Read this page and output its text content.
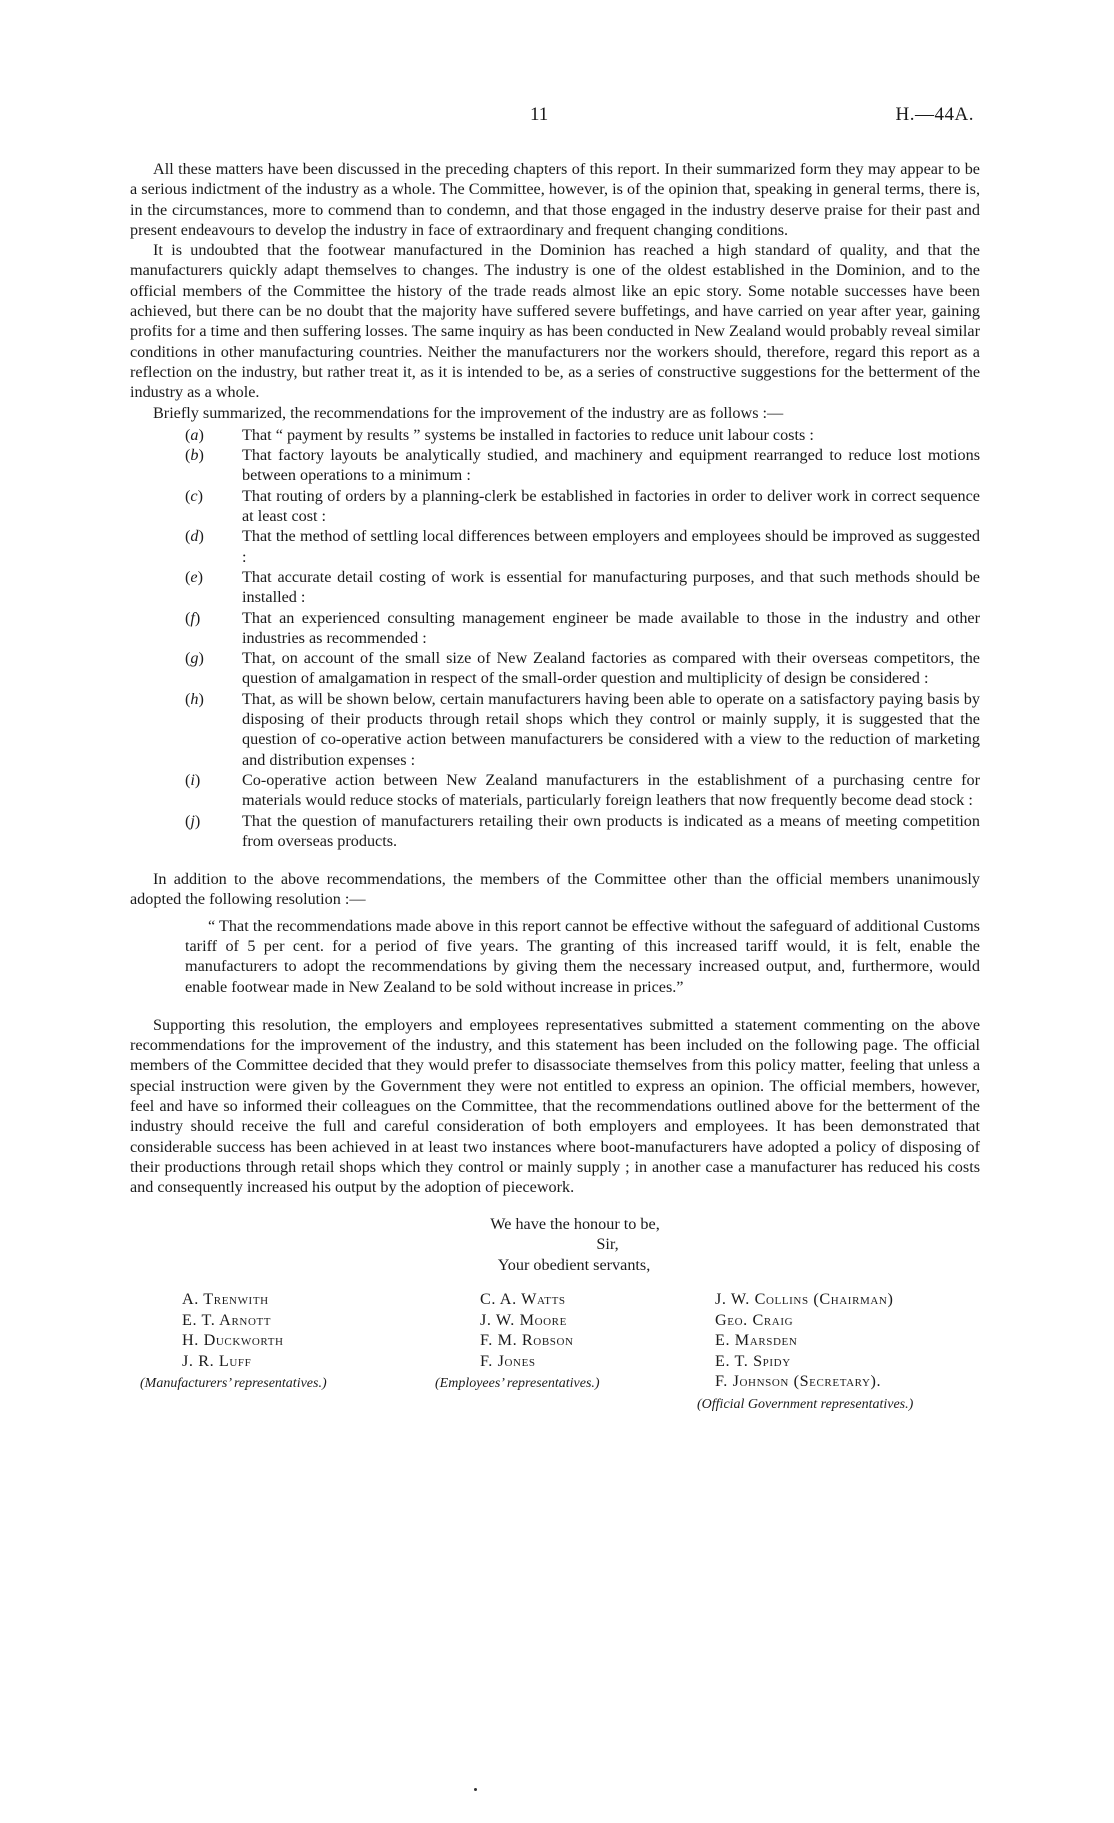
11	H.—44A.

All these matters have been discussed in the preceding chapters of this report. In their summarized form they may appear to be a serious indictment of the industry as a whole. The Committee, however, is of the opinion that, speaking in general terms, there is, in the circumstances, more to commend than to condemn, and that those engaged in the industry deserve praise for their past and present endeavours to develop the industry in face of extraordinary and frequent changing conditions.

It is undoubted that the footwear manufactured in the Dominion has reached a high standard of quality, and that the manufacturers quickly adapt themselves to changes. The industry is one of the oldest established in the Dominion, and to the official members of the Committee the history of the trade reads almost like an epic story. Some notable successes have been achieved, but there can be no doubt that the majority have suffered severe buffetings, and have carried on year after year, gaining profits for a time and then suffering losses. The same inquiry as has been conducted in New Zealand would probably reveal similar conditions in other manufacturing countries. Neither the manufacturers nor the workers should, therefore, regard this report as a reflection on the industry, but rather treat it, as it is intended to be, as a series of constructive suggestions for the betterment of the industry as a whole.

Briefly summarized, the recommendations for the improvement of the industry are as follows :—

(a) That “ payment by results ” systems be installed in factories to reduce unit labour costs :
(b) That factory layouts be analytically studied, and machinery and equipment rearranged to reduce lost motions between operations to a minimum :
(c) That routing of orders by a planning-clerk be established in factories in order to deliver work in correct sequence at least cost :
(d) That the method of settling local differences between employers and employees should be improved as suggested :
(e) That accurate detail costing of work is essential for manufacturing purposes, and that such methods should be installed :
(f)	That an experienced consulting management engineer be made available to those in the industry and other industries as recommended :
(g) That, on account of the small size of New Zealand factories as compared with their overseas competitors, the question of amalgamation in respect of the small-order question and multiplicity of design be considered :
(h) That, as will be shown below, certain manufacturers having been able to operate on a satisfactory paying basis by disposing of their products through retail shops which they control or mainly supply, it is suggested that the question of co-operative action between manufacturers be considered with a view to the reduction of marketing and distribution expenses :
(i)	Co-operative action between New Zealand manufacturers in the establishment of a purchasing centre for materials would reduce stocks of materials, particularly foreign leathers that now frequently become dead stock :
(j)	That the question of manufacturers retailing their own products is indicated as a means of meeting competition from overseas products.

In addition to the above recommendations, the members of the Committee other than the official members unanimously adopted the following resolution :—

“ That the recommendations made above in this report cannot be effective without the safeguard of additional Customs tariff of 5 per cent. for a period of five years. The granting of this increased tariff would, it is felt, enable the manufacturers to adopt the recommendations by giving them the necessary increased output, and, furthermore, would enable footwear made in New Zealand to be sold without increase in prices.”

Supporting this resolution, the employers and employees representatives submitted a statement commenting on the above recommendations for the improvement of the industry, and this statement has been included on the following page. The official members of the Committee decided that they would prefer to disassociate themselves from this policy matter, feeling that unless a special instruction were given by the Government they were not entitled to express an opinion. The official members, however, feel and have so informed their colleagues on the Committee, that the recommendations outlined above for the betterment of the industry should receive the full and careful consideration of both employers and employees. It has been demonstrated that considerable success has been achieved in at least two instances where boot-manufacturers have adopted a policy of disposing of their productions through retail shops which they control or mainly supply ; in another case a manufacturer has reduced his costs and consequently increased his output by the adoption of piecework.

We have the honour to be,
Sir,
Your obedient servants,
A. Trenwith
E. T. Arnott
H. Duckworth
J. R. Luff
(Manufacturers’ representatives.)
C. A. Watts
J. W. Moore
F. M. Robson
F. Jones
(Employees’ representatives.)
J. W. Collins (Chairman)
Geo. Craig
E. Marsden
E. T. Spidy
F. Johnson (Secretary).
(Official Government representatives.)
